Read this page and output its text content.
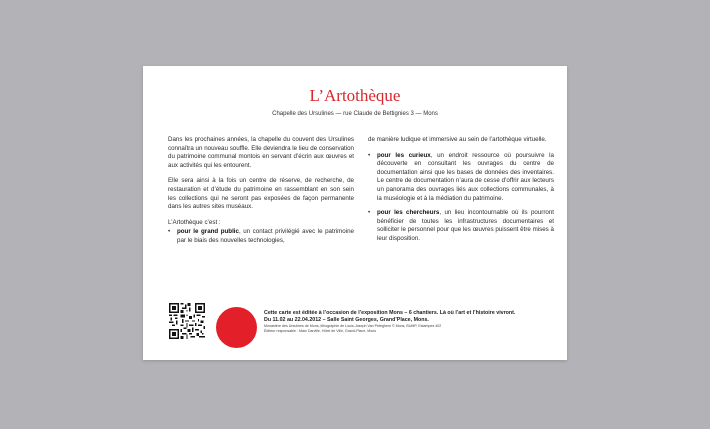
L’Artothèque
Chapelle des Ursulines — rue Claude de Bettignies 3 — Mons

Dans les prochaines années, la chapelle du couvent des Ursulines connaîtra un nouveau souffle. Elle deviendra le lieu de conservation du patrimoine communal montois en servant d’écrin aux œuvres et aux activités qui les entourent.

Elle sera ainsi à la fois un centre de réserve, de recherche, de restauration et d’étude du patrimoine en rassemblant en son sein les collections qui ne seront pas exposées de façon permanente dans les autres sites muséaux.

L’Artothèque c’est :

• pour le grand public, un contact privilégié avec le patrimoine par le biais des nouvelles technologies,

de manière ludique et immersive au sein de l’artothèque virtuelle.

• pour les curieux, un endroit ressource où poursuivre la découverte en consultant les ouvrages du centre de documentation ainsi que les bases de données des inventaires. Le centre de documentation n’aura de cesse d’offrir aux lecteurs un panorama des ouvrages liés aux collections communales, à la muséologie et à la médiation du patrimoine.
• pour les chercheurs, un lieu incontournable où ils pourront bénéficier de toutes les infrastructures documentaires et solliciter le personnel pour que les œuvres puissent être mises à leur disposition.
Cette carte est éditée à l’occasion de l’exposition Mons – 6 chantiers. Là où l’art et l’histoire vivront.
Du 11.02 au 22.04.2012 – Salle Saint Georges, Grand’Place, Mons.
Monastère des Ursulines de Mons, lithographie de Louis-Joseph Van Peteghem © Mons, BUMP, Estampes 402
Éditeur responsable : Marc Darville, Hôtel de Ville, Grand-Place, Mons
